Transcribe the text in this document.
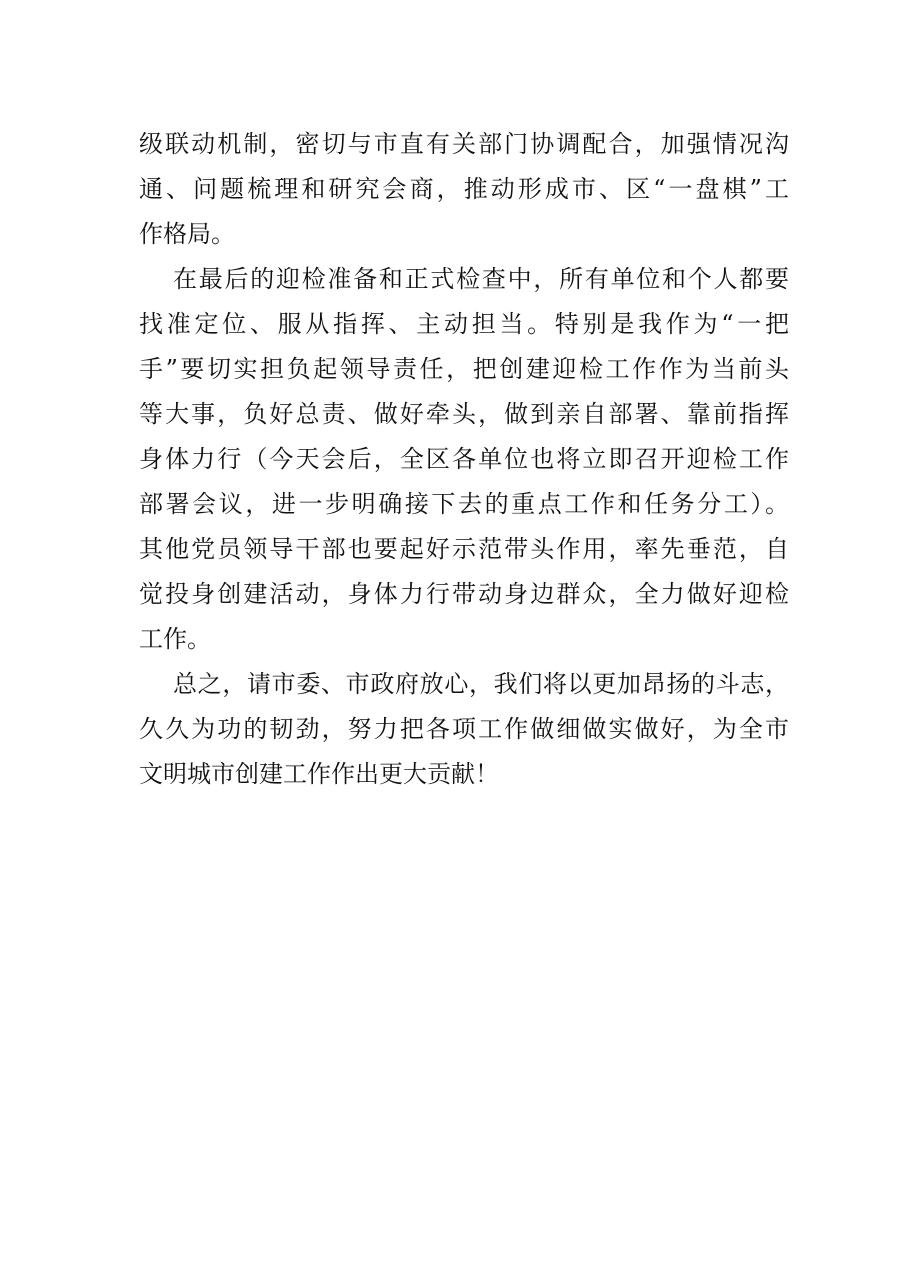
级联动机制，密切与市直有关部门协调配合，加强情况沟
通、问题梳理和研究会商，推动形成市、区“一盘棋”工
作格局。
在最后的迎检准备和正式检查中，所有单位和个人都要
找准定位、服从指挥、主动担当。特别是我作为“一把
手”要切实担负起领导责任，把创建迎检工作作为当前头
等大事，负好总责、做好牵头，做到亲自部署、靠前指挥
身体力行（今天会后，全区各单位也将立即召开迎检工作
部署会议，进一步明确接下去的重点工作和任务分工）。
其他党员领导干部也要起好示范带头作用，率先垂范，自
觉投身创建活动，身体力行带动身边群众，全力做好迎检
工作。
总之，请市委、市政府放心，我们将以更加昂扬的斗志，
久久为功的韧劲，努力把各项工作做细做实做好，为全市
文明城市创建工作作出更大贡献！
